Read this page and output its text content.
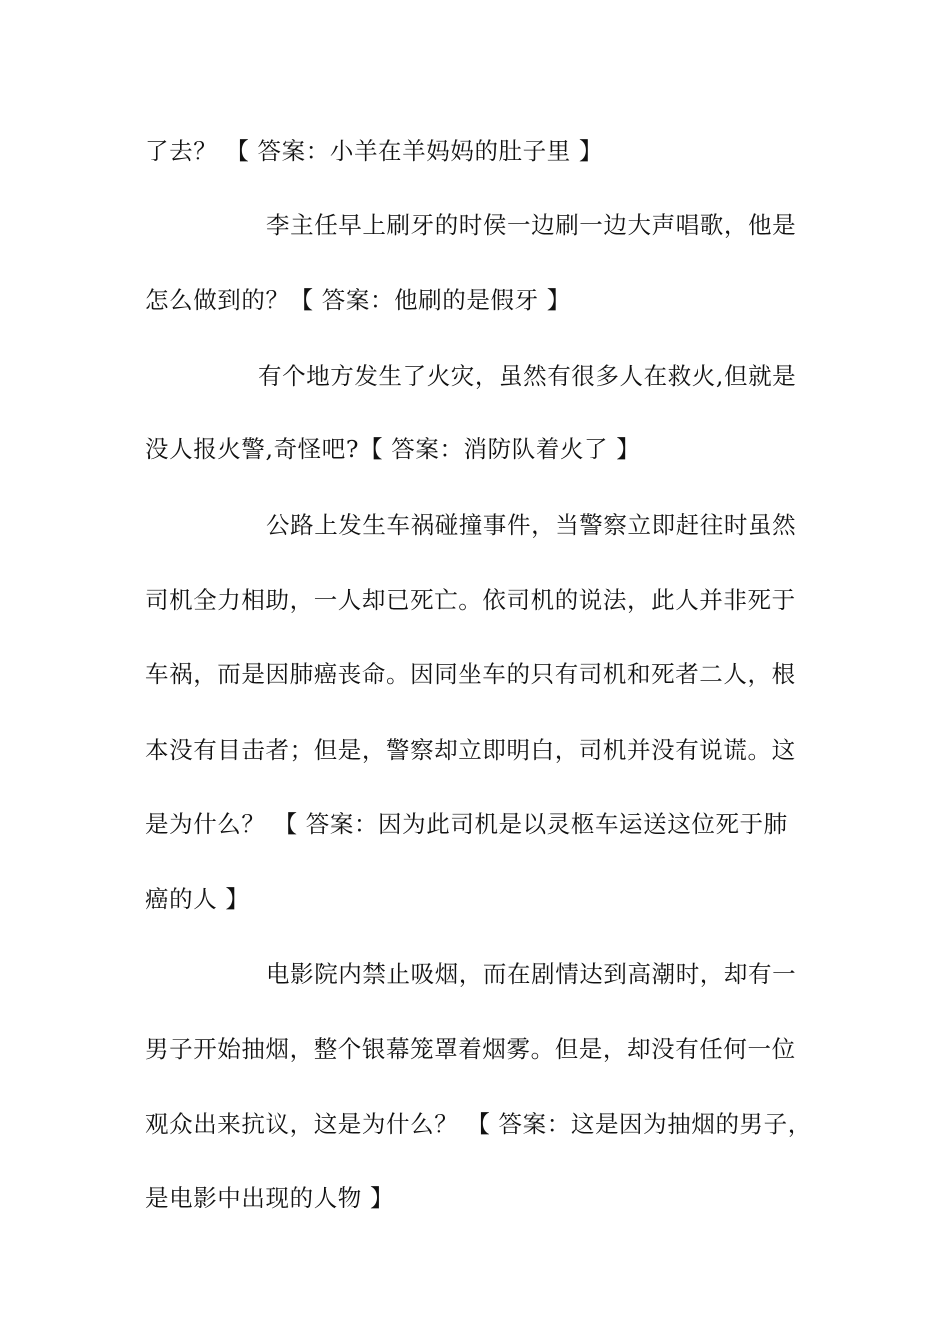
了去？ 【 答案：小羊在羊妈妈的肚子里 】
李主任早上刷牙的时侯一边刷一边大声唱歌，他是
怎么做到的？【 答案：他刷的是假牙 】
有个地方发生了火灾，虽然有很多人在救火,但就是
没人报火警,奇怪吧?【 答案：消防队着火了 】
公路上发生车祸碰撞事件，当警察立即赶往时虽然
司机全力相助，一人却已死亡。依司机的说法，此人并非死于
车祸，而是因肺癌丧命。因同坐车的只有司机和死者二人，根
本没有目击者；但是，警察却立即明白，司机并没有说谎。这
是为什么？ 【 答案：因为此司机是以灵柩车运送这位死于肺
癌的人 】
电影院内禁止吸烟，而在剧情达到高潮时，却有一
男子开始抽烟，整个银幕笼罩着烟雾。但是，却没有任何一位
观众出来抗议，这是为什么？ 【 答案：这是因为抽烟的男子，
是电影中出现的人物 】
